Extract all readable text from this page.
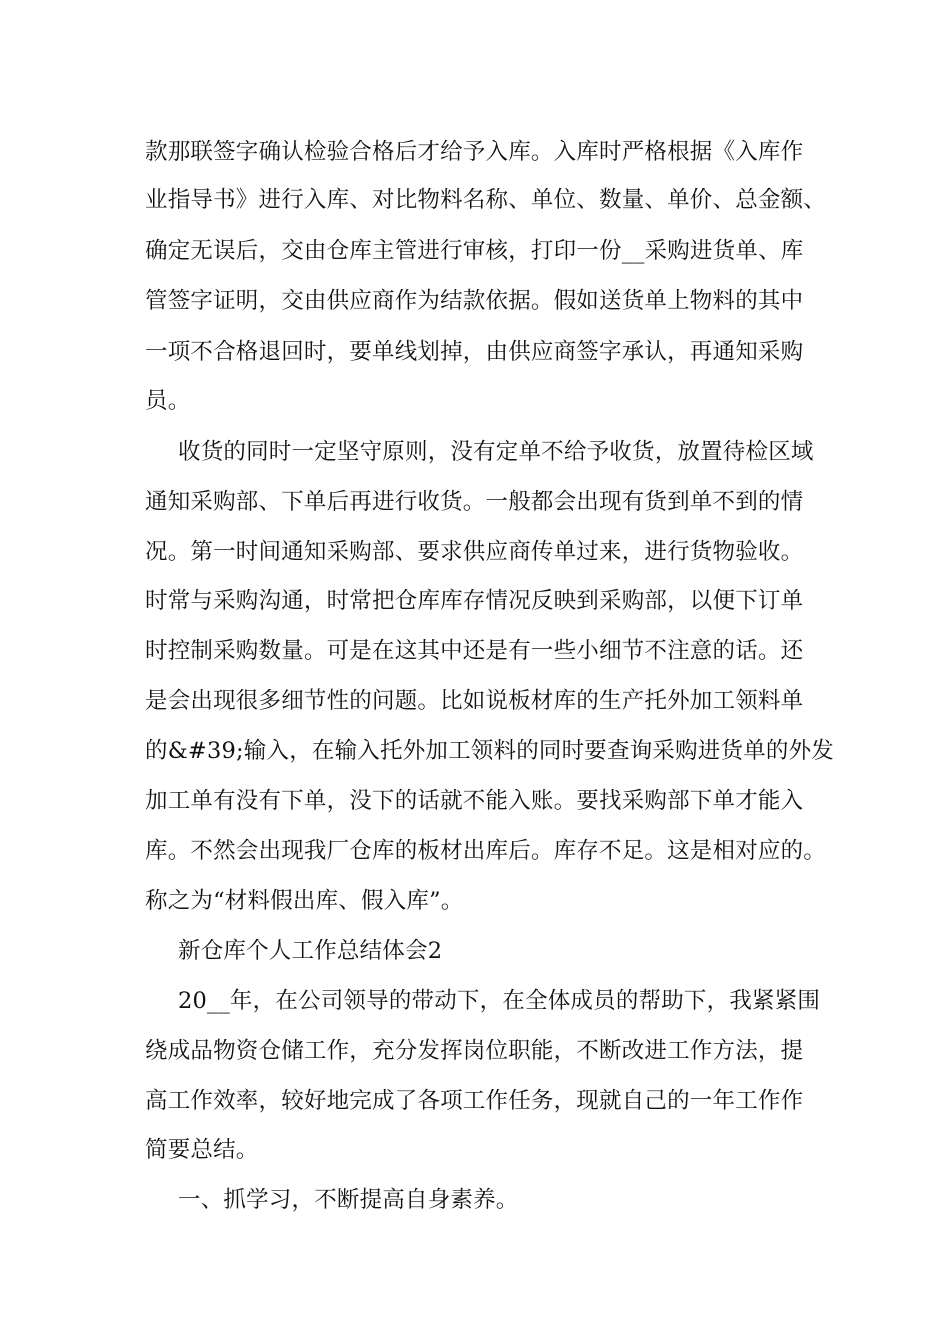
款那联签字确认检验合格后才给予入库。入库时严格根据《入库作
业指导书》进行入库、对比物料名称、单位、数量、单价、总金额、
确定无误后，交由仓库主管进行审核，打印一份__采购进货单、库
管签字证明，交由供应商作为结款依据。假如送货单上物料的其中
一项不合格退回时，要单线划掉，由供应商签字承认，再通知采购
员。
收货的同时一定坚守原则，没有定单不给予收货，放置待检区域
通知采购部、下单后再进行收货。一般都会出现有货到单不到的情
况。第一时间通知采购部、要求供应商传单过来，进行货物验收。
时常与采购沟通，时常把仓库库存情况反映到采购部，以便下订单
时控制采购数量。可是在这其中还是有一些小细节不注意的话。还
是会出现很多细节性的问题。比如说板材库的生产托外加工领料单
的&#39;输入，在输入托外加工领料的同时要查询采购进货单的外发
加工单有没有下单，没下的话就不能入账。要找采购部下单才能入
库。不然会出现我厂仓库的板材出库后。库存不足。这是相对应的。
称之为“材料假出库、假入库”。
新仓库个人工作总结体会2
20__年，在公司领导的带动下，在全体成员的帮助下，我紧紧围
绕成品物资仓储工作，充分发挥岗位职能，不断改进工作方法，提
高工作效率，较好地完成了各项工作任务，现就自己的一年工作作
简要总结。
一、抓学习，不断提高自身素养。
